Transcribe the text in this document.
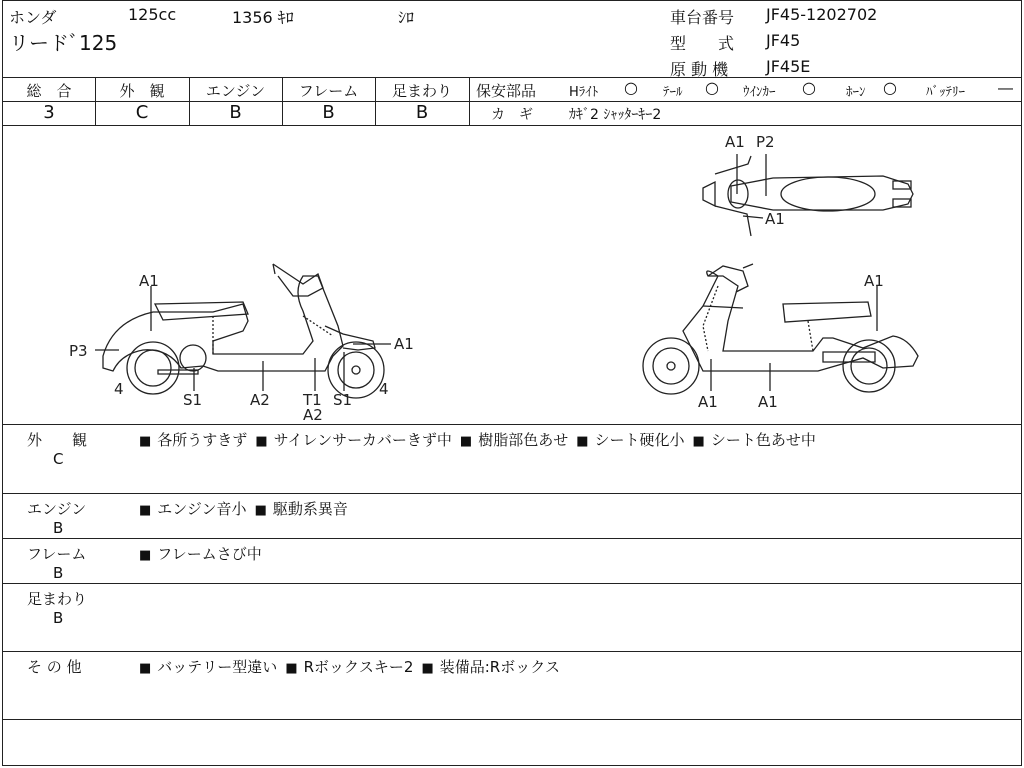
ホンダ	125cc	1356 ｷﾛ	ｼﾛ
リードﾞ125
車台番号 JF45-1202702
型　　式 JF45
原 動 機 JF45E
総　合	外　観	エンジン	フレーム	足まわり
3	C	B	B	B
保安部品	Hﾗｲﾄ ○ ﾃｰﾙ ○ ｳｲﾝｶｰ ○ ﾎｰﾝ ○ ﾊﾞｯﾃﾘｰ ―
カ　ギ	ｶｷﾞ2 ｼｬｯﾀｰｷｰ2
A1 P2
A1
A1
P3
4
S1	A2 T1
A2
S1
A1
4
A1
A1	A1
外　　観
C
■ 各所うすきず ■ サイレンサーカバーきず中 ■ 樹脂部色あせ ■ シート硬化小 ■ シート色あせ中
エンジン
B
■ エンジン音小 ■ 駆動系異音
フレーム
B
■ フレームさび中
足まわり
B
そ の 他	■ バッテリー型違い ■ Rボックスキー2 ■ 装備品:Rボックス
